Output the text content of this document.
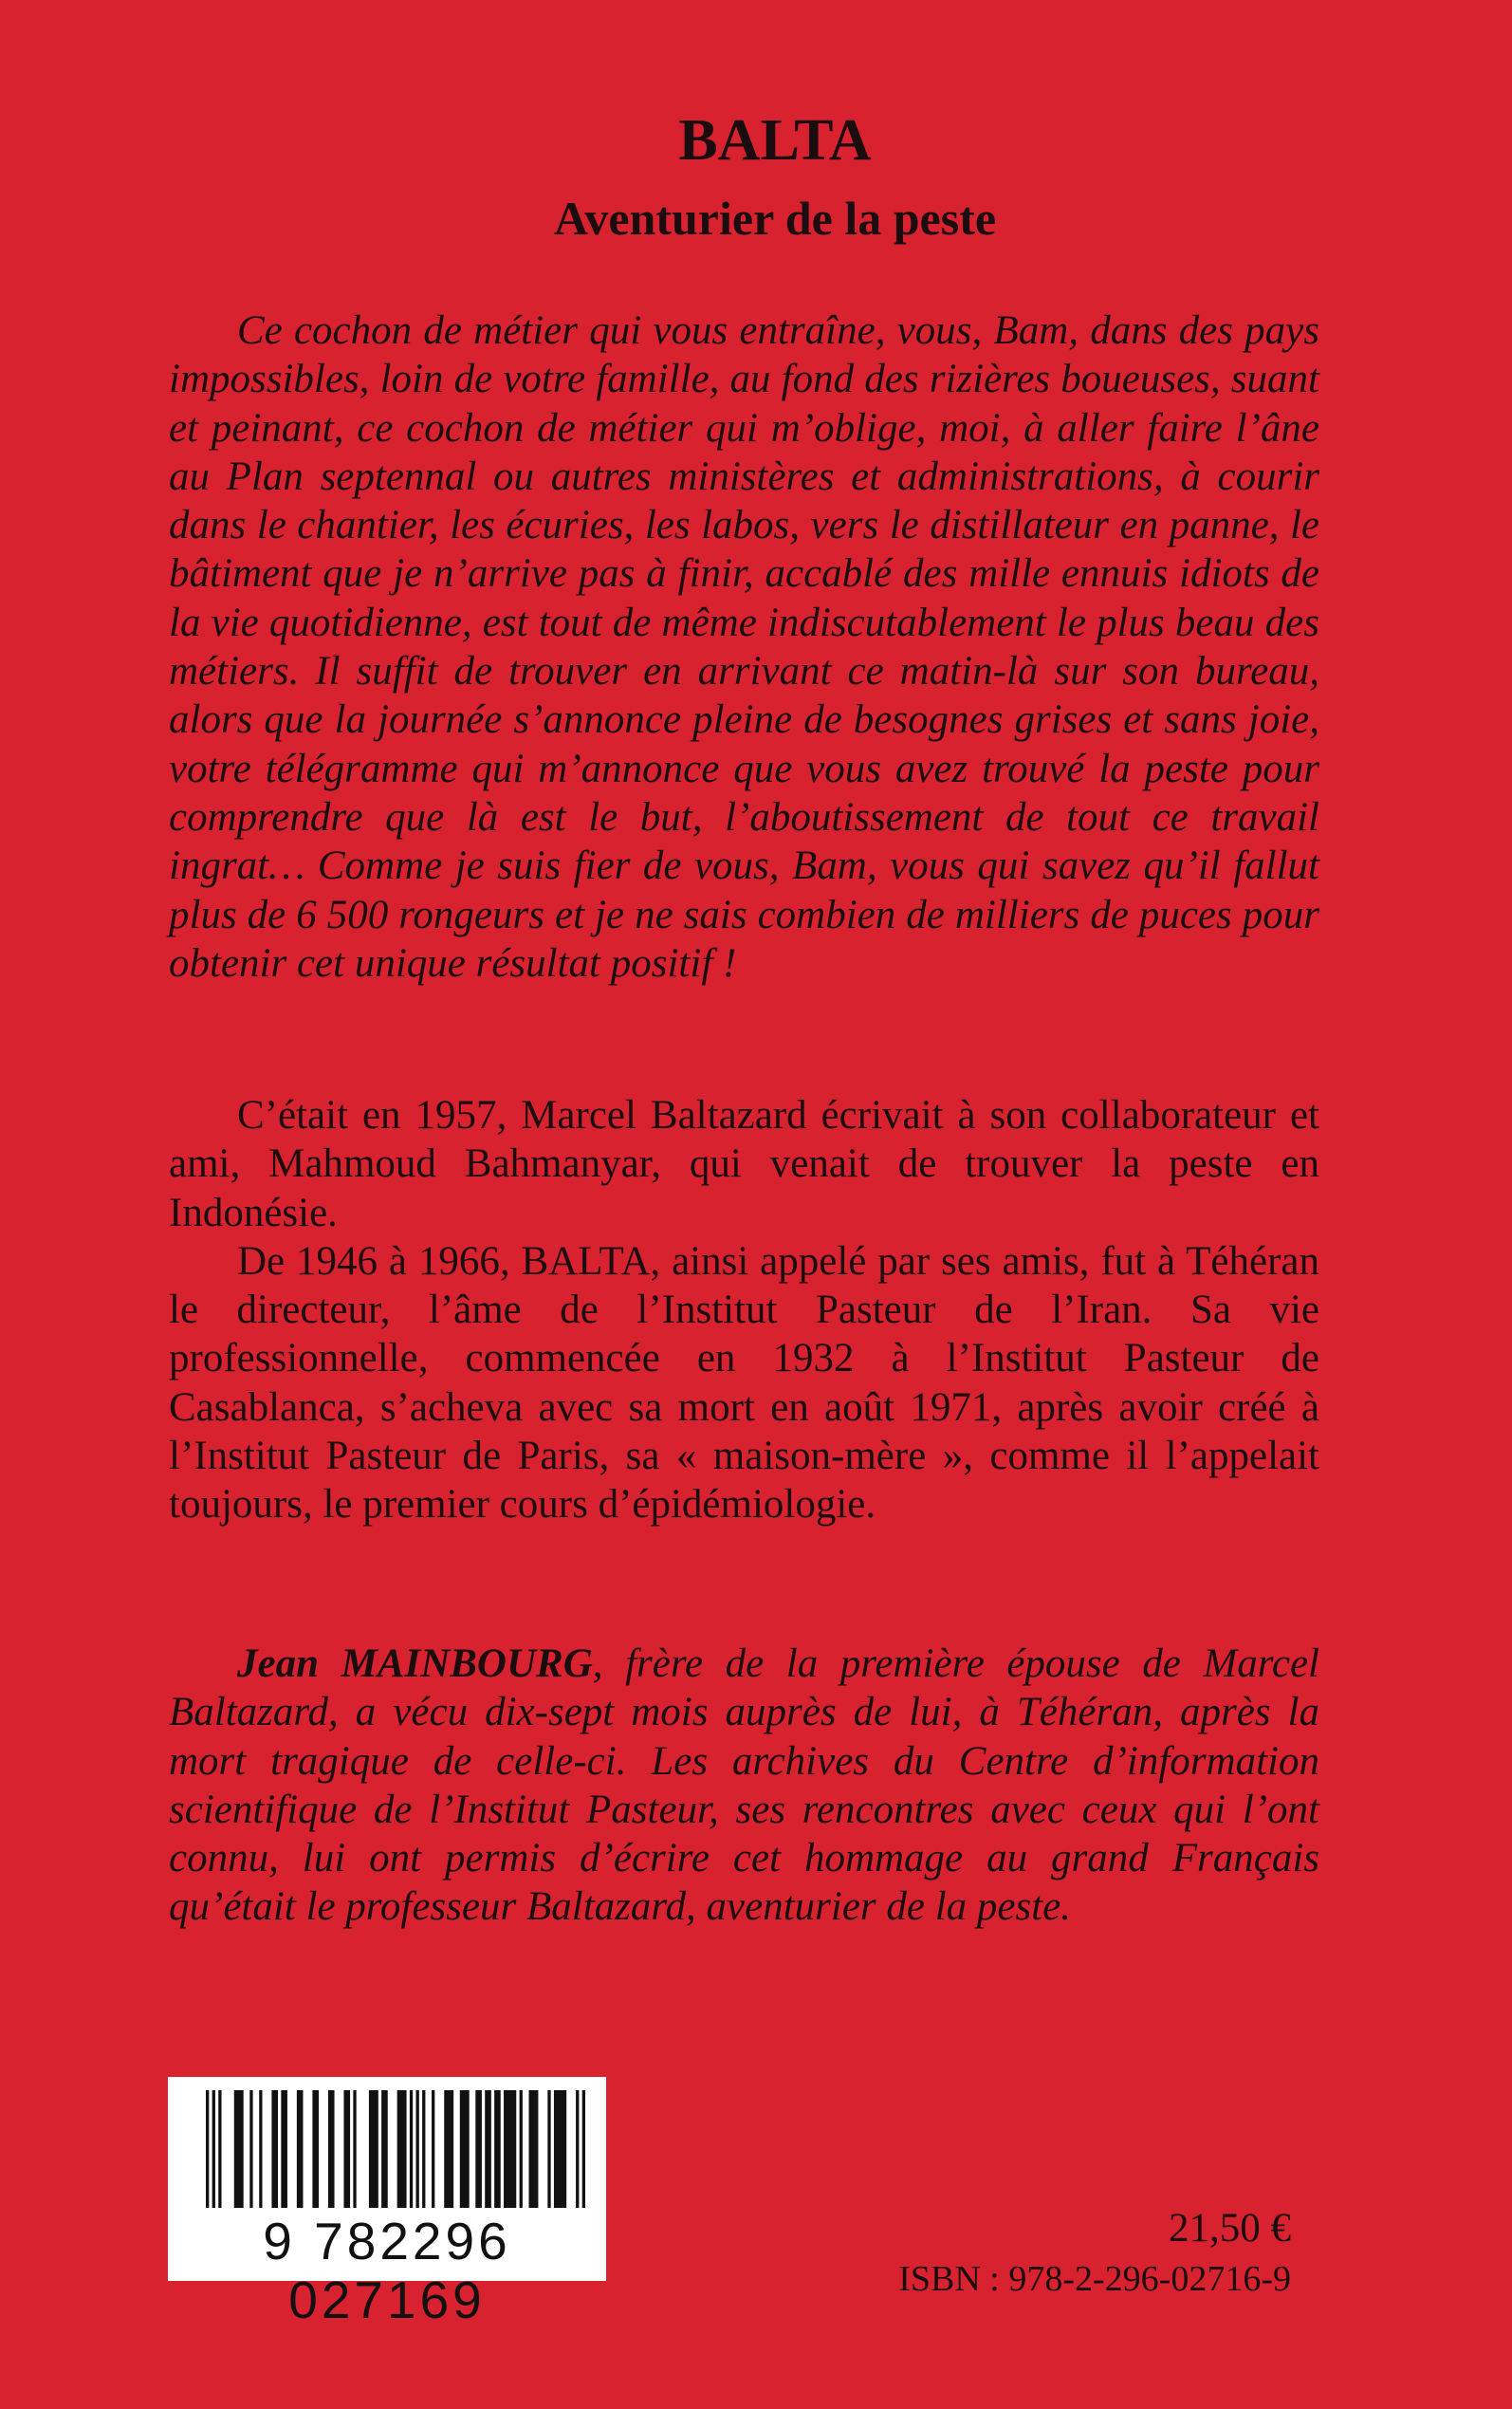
BALTA
Aventurier de la peste

Ce cochon de métier qui vous entraîne, vous, Bam, dans des pays impossibles, loin de votre famille, au fond des rizières boueuses, suant et peinant, ce cochon de métier qui m’oblige, moi, à aller faire l’âne au Plan septennal ou autres ministères et administrations, à courir dans le chantier, les écuries, les labos, vers le distillateur en panne, le bâtiment que je n’arrive pas à finir, accablé des mille ennuis idiots de la vie quotidienne, est tout de même indiscutablement le plus beau des métiers. Il suffit de trouver en arrivant ce matin-là sur son bureau, alors que la journée s’annonce pleine de besognes grises et sans joie, votre télégramme qui m’annonce que vous avez trouvé la peste pour comprendre que là est le but, l’aboutissement de tout ce travail ingrat… Comme je suis fier de vous, Bam, vous qui savez qu’il fallut plus de 6 500 rongeurs et je ne sais combien de milliers de puces pour obtenir cet unique résultat positif !

C’était en 1957, Marcel Baltazard écrivait à son collaborateur et ami, Mahmoud Bahmanyar, qui venait de trouver la peste en Indonésie.

De 1946 à 1966, BALTA, ainsi appelé par ses amis, fut à Téhéran le directeur, l’âme de l’Institut Pasteur de l’Iran. Sa vie professionnelle, commencée en 1932 à l’Institut Pasteur de Casablanca, s’acheva avec sa mort en août 1971, après avoir créé à l’Institut Pasteur de Paris, sa « maison-mère », comme il l’appelait toujours, le premier cours d’épidémiologie.

Jean MAINBOURG, frère de la première épouse de Marcel Baltazard, a vécu dix-sept mois auprès de lui, à Téhéran, après la mort tragique de celle-ci. Les archives du Centre d’information scientifique de l’Institut Pasteur, ses rencontres avec ceux qui l’ont connu, lui ont permis d’écrire cet hommage au grand Français qu’était le professeur Baltazard, aventurier de la peste.

9 782296 027169
21,50 €
ISBN : 978-2-296-02716-9
